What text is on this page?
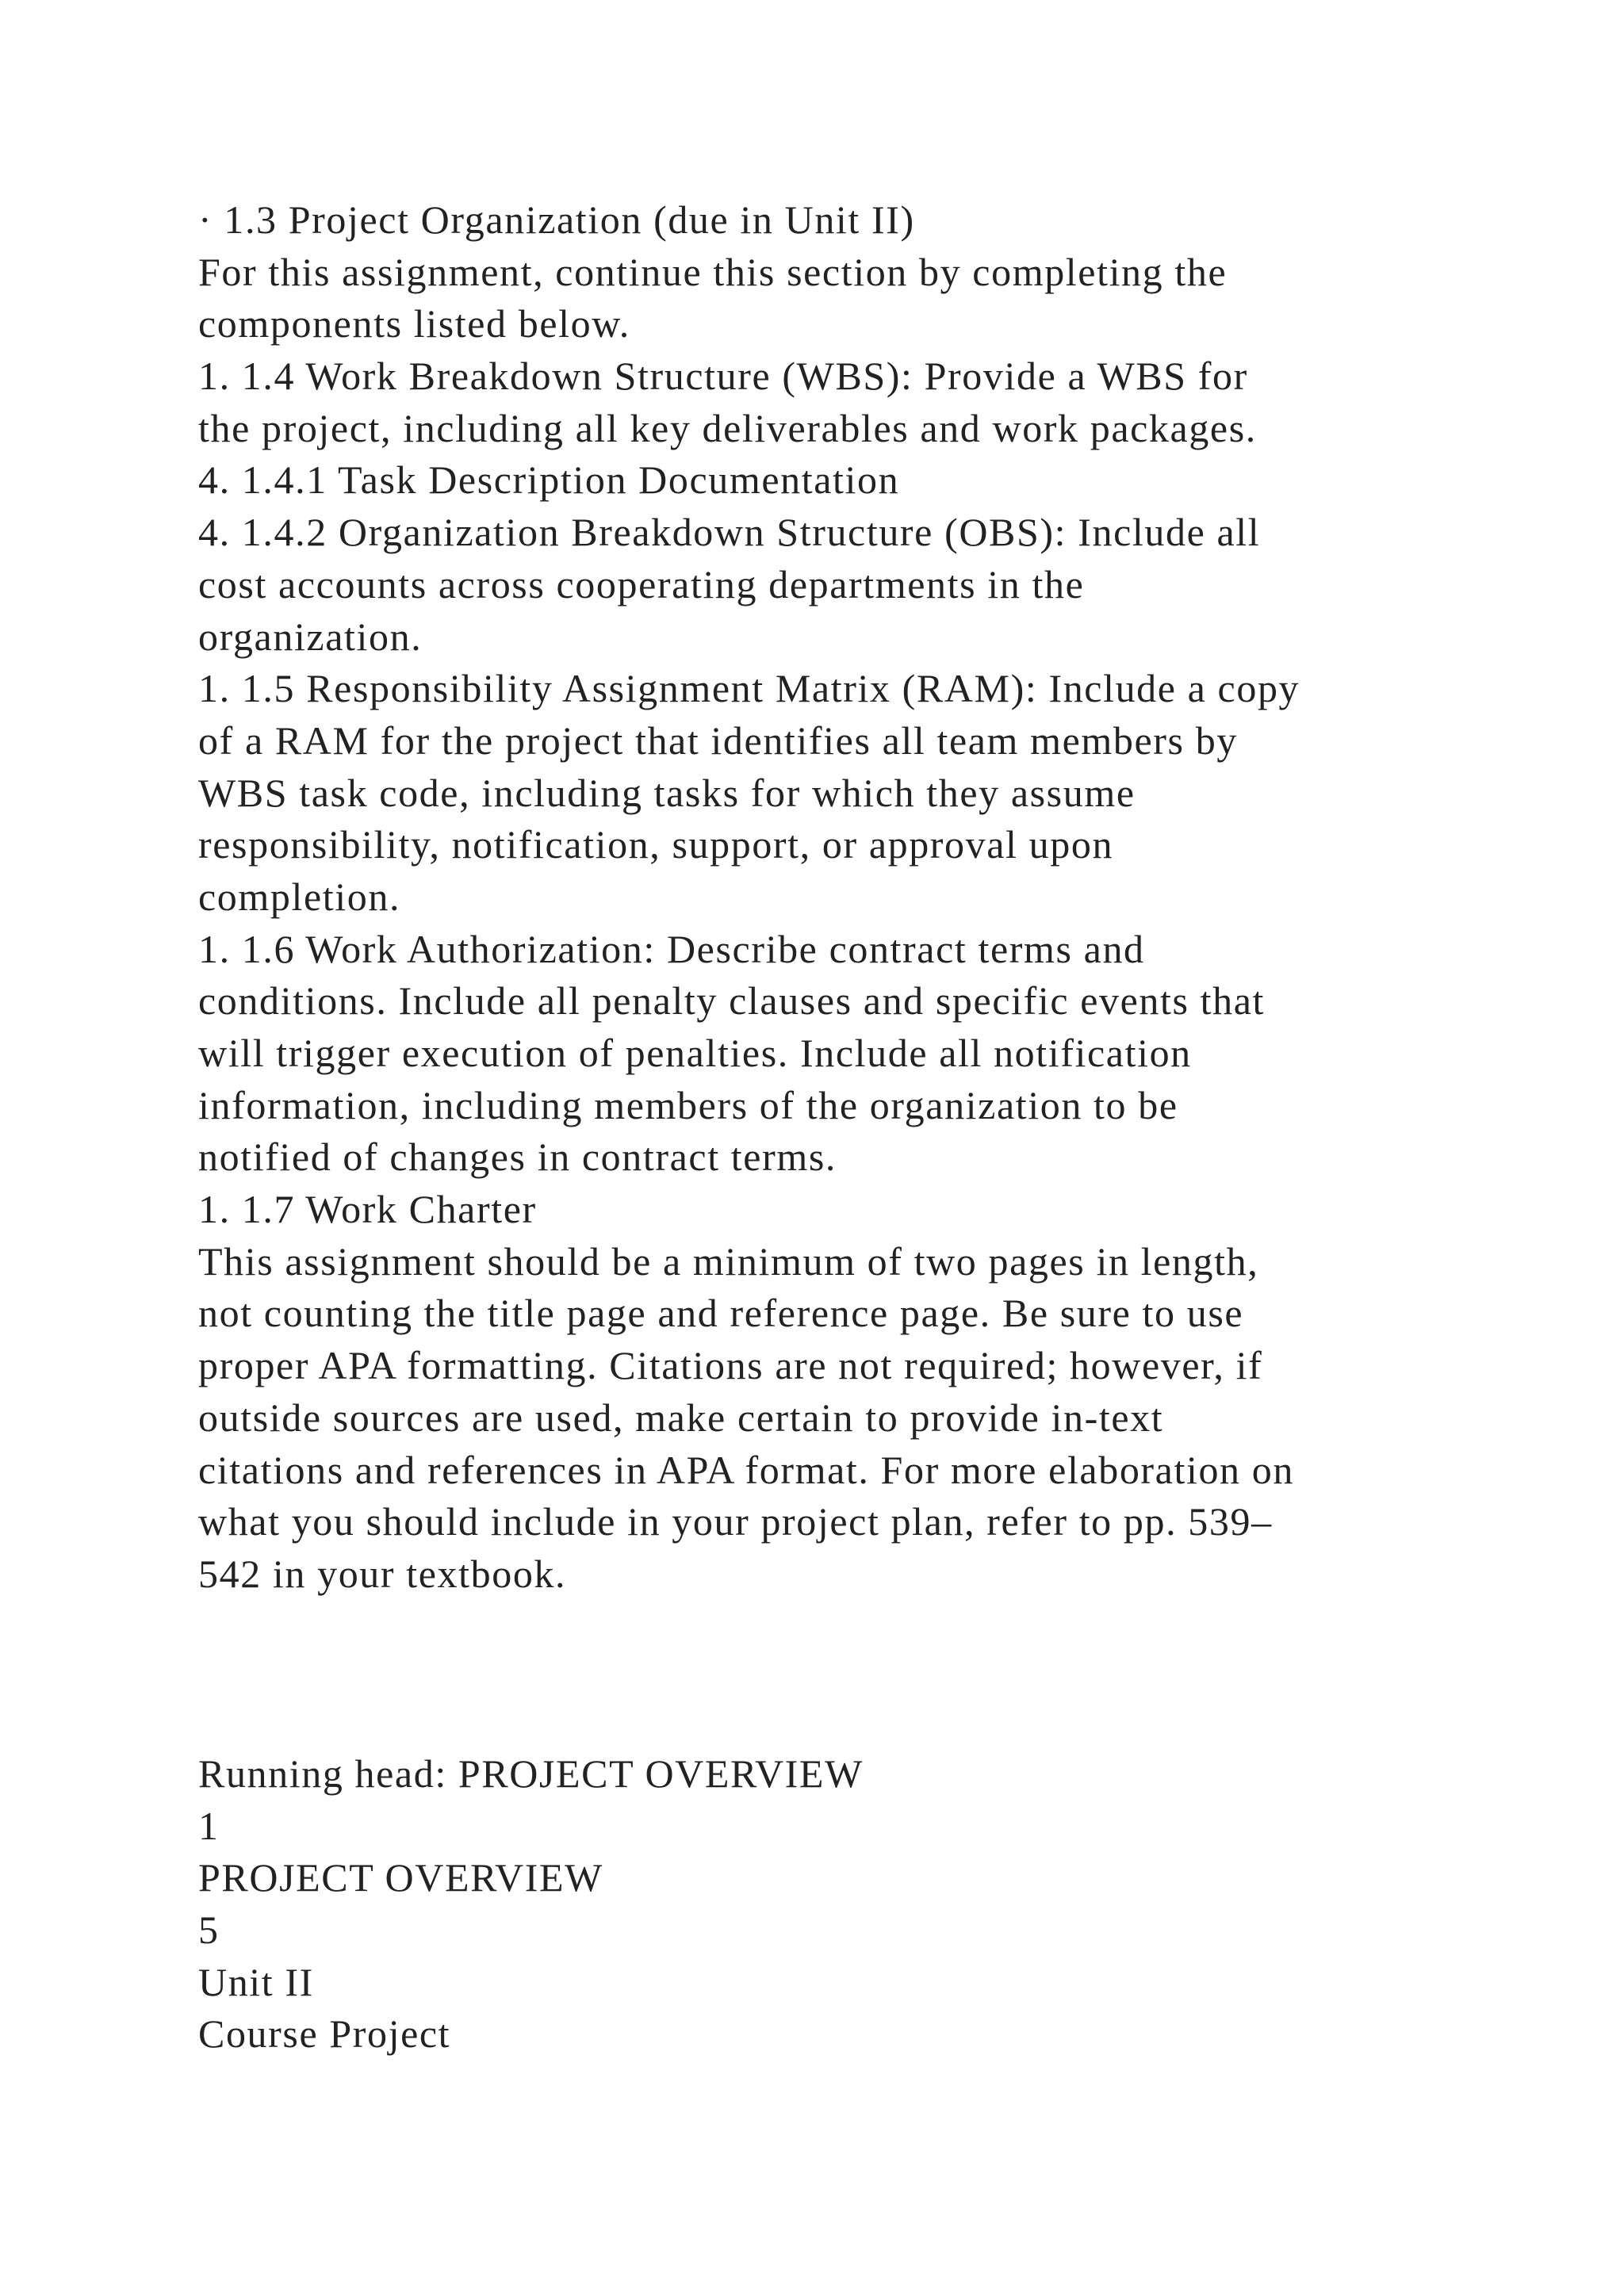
· 1.3 Project Organization (due in Unit II)
For this assignment, continue this section by completing the
components listed below.
1. 1.4 Work Breakdown Structure (WBS): Provide a WBS for
the project, including all key deliverables and work packages.
4. 1.4.1 Task Description Documentation
4. 1.4.2 Organization Breakdown Structure (OBS): Include all
cost accounts across cooperating departments in the
organization.
1. 1.5 Responsibility Assignment Matrix (RAM): Include a copy
of a RAM for the project that identifies all team members by
WBS task code, including tasks for which they assume
responsibility, notification, support, or approval upon
completion.
1. 1.6 Work Authorization: Describe contract terms and
conditions. Include all penalty clauses and specific events that
will trigger execution of penalties. Include all notification
information, including members of the organization to be
notified of changes in contract terms.
1. 1.7 Work Charter
This assignment should be a minimum of two pages in length,
not counting the title page and reference page. Be sure to use
proper APA formatting. Citations are not required; however, if
outside sources are used, make certain to provide in-text
citations and references in APA format. For more elaboration on
what you should include in your project plan, refer to pp. 539–
542 in your textbook.
Running head: PROJECT OVERVIEW
1
PROJECT OVERVIEW
5
Unit II
Course Project
